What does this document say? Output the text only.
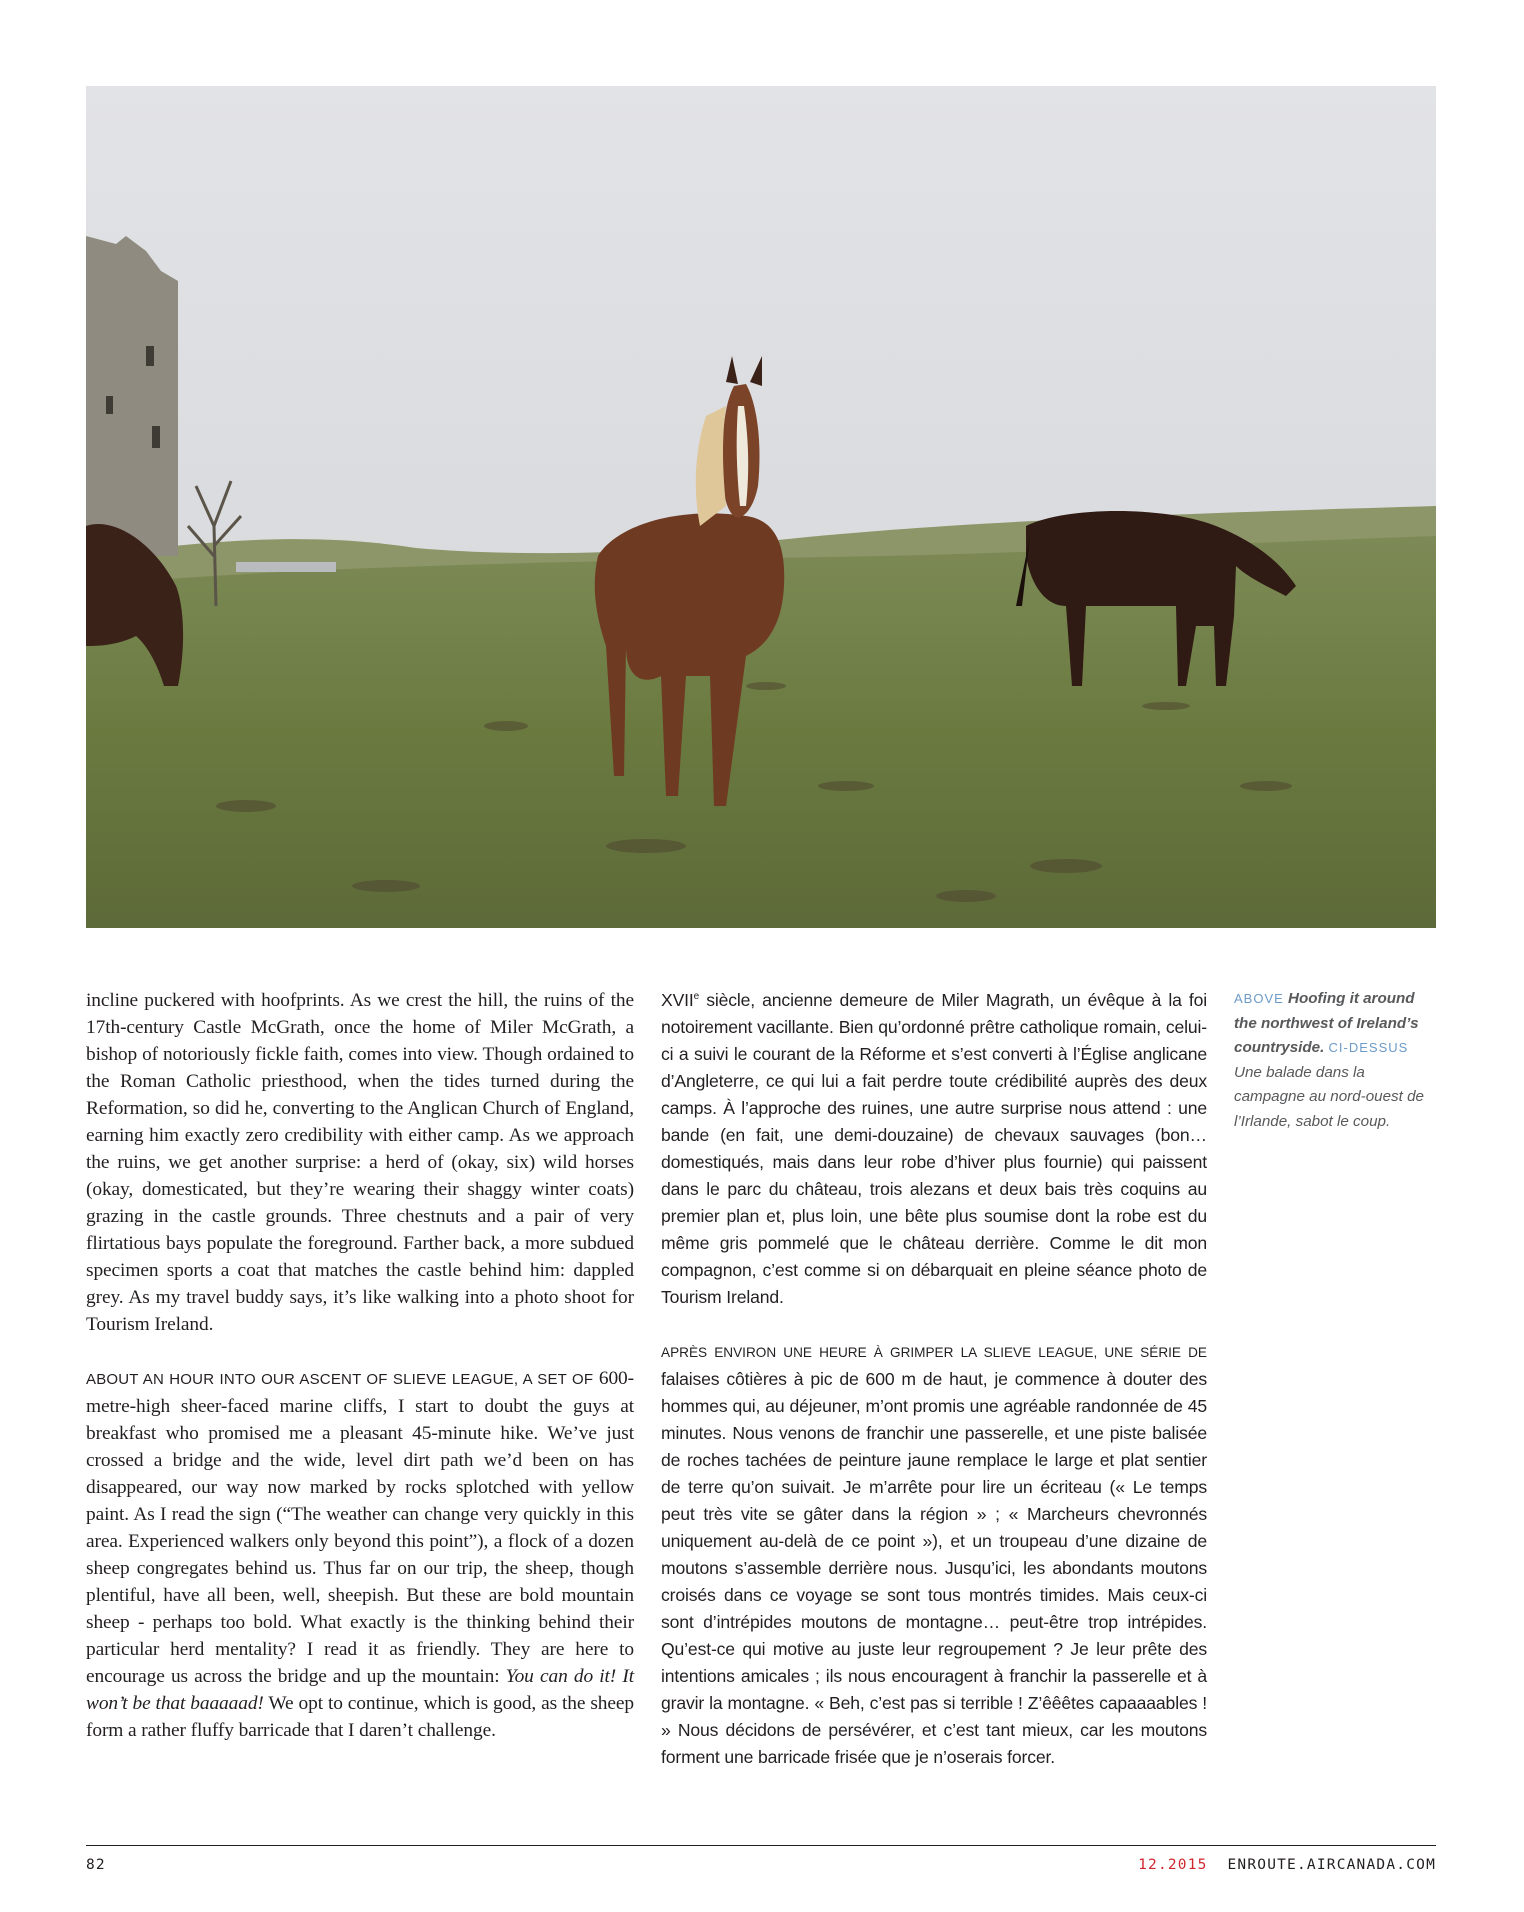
incline puckered with hoofprints. As we crest the hill, the ruins of the 17th-century Castle McGrath, once the home of Miler McGrath, a bishop of notoriously fickle faith, comes into view. Though ordained to the Roman Catholic priesthood, when the tides turned during the Reformation, so did he, converting to the Anglican Church of England, earning him exactly zero credibility with either camp. As we approach the ruins, we get another surprise: a herd of (okay, six) wild horses (okay, domesticated, but they’re wearing their shaggy winter coats) grazing in the castle grounds. Three chestnuts and a pair of very flirtatious bays populate the foreground. Farther back, a more subdued specimen sports a coat that matches the castle behind him: dappled grey. As my travel buddy says, it’s like walking into a photo shoot for Tourism Ireland.

ABOUT AN HOUR INTO OUR ASCENT OF SLIEVE LEAGUE, A SET OF 600-metre-high sheer-faced marine cliffs, I start to doubt the guys at breakfast who promised me a pleasant 45-minute hike. We’ve just crossed a bridge and the wide, level dirt path we’d been on has disappeared, our way now marked by rocks splotched with yellow paint. As I read the sign (“The weather can change very quickly in this area. Experienced walkers only beyond this point”), a flock of a dozen sheep congregates behind us. Thus far on our trip, the sheep, though plentiful, have all been, well, sheepish. But these are bold mountain sheep - perhaps too bold. What exactly is the thinking behind their particular herd mentality? I read it as friendly. They are here to encourage us across the bridge and up the mountain: You can do it! It won’t be that baaaaad! We opt to continue, which is good, as the sheep form a rather fluffy barricade that I daren’t challenge.

XVIIe siècle, ancienne demeure de Miler Magrath, un évêque à la foi notoirement vacillante. Bien qu’ordonné prêtre catholique romain, celui-ci a suivi le courant de la Réforme et s’est converti à l’Église anglicane d’Angleterre, ce qui lui a fait perdre toute crédibilité auprès des deux camps. À l’approche des ruines, une autre surprise nous attend : une bande (en fait, une demi-douzaine) de chevaux sauvages (bon… domestiqués, mais dans leur robe d’hiver plus fournie) qui paissent dans le parc du château, trois alezans et deux bais très coquins au premier plan et, plus loin, une bête plus soumise dont la robe est du même gris pommelé que le château derrière. Comme le dit mon compagnon, c’est comme si on débarquait en pleine séance photo de Tourism Ireland.

APRÈS ENVIRON UNE HEURE À GRIMPER LA SLIEVE LEAGUE, UNE SÉRIE DE falaises côtières à pic de 600 m de haut, je commence à douter des hommes qui, au déjeuner, m’ont promis une agréable randonnée de 45 minutes. Nous venons de franchir une passerelle, et une piste balisée de roches tachées de peinture jaune remplace le large et plat sentier de terre qu’on suivait. Je m’arrête pour lire un écriteau (« Le temps peut très vite se gâter dans la région » ; « Marcheurs chevronnés uniquement au-delà de ce point »), et un troupeau d’une dizaine de moutons s’assemble derrière nous. Jusqu’ici, les abondants moutons croisés dans ce voyage se sont tous montrés timides. Mais ceux-ci sont d’intrépides moutons de montagne… peut-être trop intrépides. Qu’est-ce qui motive au juste leur regroupement ? Je leur prête des intentions amicales ; ils nous encouragent à franchir la passerelle et à gravir la montagne. « Beh, c’est pas si terrible ! Z’êêêtes capaaaables ! » Nous décidons de persévérer, et c’est tant mieux, car les moutons forment une barricade frisée que je n’oserais forcer.

ABOVE Hoofing it around the northwest of Ireland’s countryside. CI-DESSUS Une balade dans la campagne au nord-ouest de l’Irlande, sabot le coup.
82	12.2015 ENROUTE.AIRCANADA.COM
